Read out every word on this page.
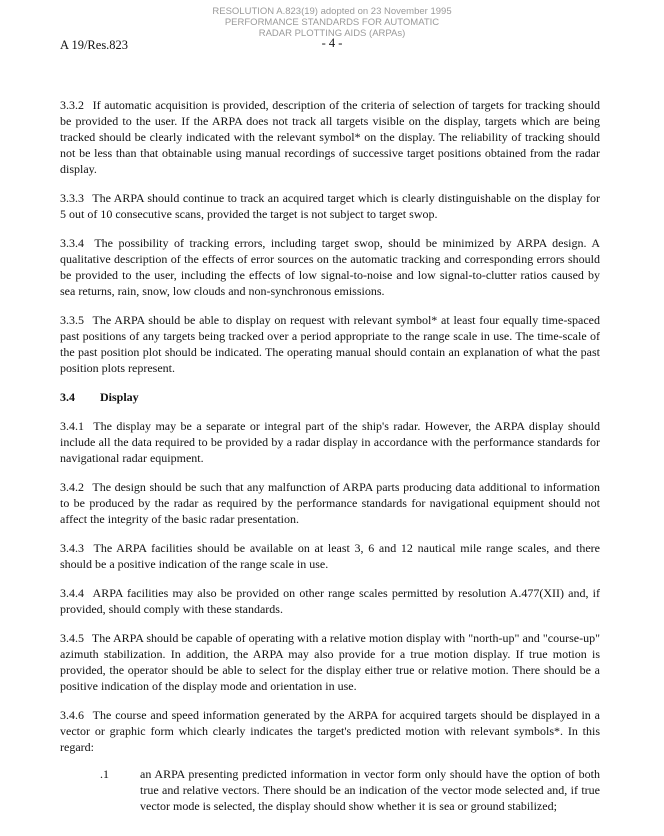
RESOLUTION A.823(19) adopted on 23 November 1995
PERFORMANCE STANDARDS FOR AUTOMATIC
RADAR PLOTTING AIDS (ARPAs)
A 19/Res.823	- 4 -

3.3.2 If automatic acquisition is provided, description of the criteria of selection of targets for tracking should be provided to the user. If the ARPA does not track all targets visible on the display, targets which are being tracked should be clearly indicated with the relevant symbol* on the display. The reliability of tracking should not be less than that obtainable using manual recordings of successive target positions obtained from the radar display.

3.3.3 The ARPA should continue to track an acquired target which is clearly distinguishable on the display for 5 out of 10 consecutive scans, provided the target is not subject to target swop.

3.3.4 The possibility of tracking errors, including target swop, should be minimized by ARPA design. A qualitative description of the effects of error sources on the automatic tracking and corresponding errors should be provided to the user, including the effects of low signal-to-noise and low signal-to-clutter ratios caused by sea returns, rain, snow, low clouds and non-synchronous emissions.

3.3.5 The ARPA should be able to display on request with relevant symbol* at least four equally time-spaced past positions of any targets being tracked over a period appropriate to the range scale in use. The time-scale of the past position plot should be indicated. The operating manual should contain an explanation of what the past position plots represent.

3.4 Display

3.4.1 The display may be a separate or integral part of the ship's radar. However, the ARPA display should include all the data required to be provided by a radar display in accordance with the performance standards for navigational radar equipment.

3.4.2 The design should be such that any malfunction of ARPA parts producing data additional to information to be produced by the radar as required by the performance standards for navigational equipment should not affect the integrity of the basic radar presentation.

3.4.3 The ARPA facilities should be available on at least 3, 6 and 12 nautical mile range scales, and there should be a positive indication of the range scale in use.

3.4.4 ARPA facilities may also be provided on other range scales permitted by resolution A.477(XII) and, if provided, should comply with these standards.

3.4.5 The ARPA should be capable of operating with a relative motion display with "north-up" and "course-up" azimuth stabilization. In addition, the ARPA may also provide for a true motion display. If true motion is provided, the operator should be able to select for the display either true or relative motion. There should be a positive indication of the display mode and orientation in use.

3.4.6 The course and speed information generated by the ARPA for acquired targets should be displayed in a vector or graphic form which clearly indicates the target's predicted motion with relevant symbols*. In this regard:

.1	an ARPA presenting predicted information in vector form only should have the option of both true and relative vectors. There should be an indication of the vector mode selected and, if true vector mode is selected, the display should show whether it is sea or ground stabilized;
